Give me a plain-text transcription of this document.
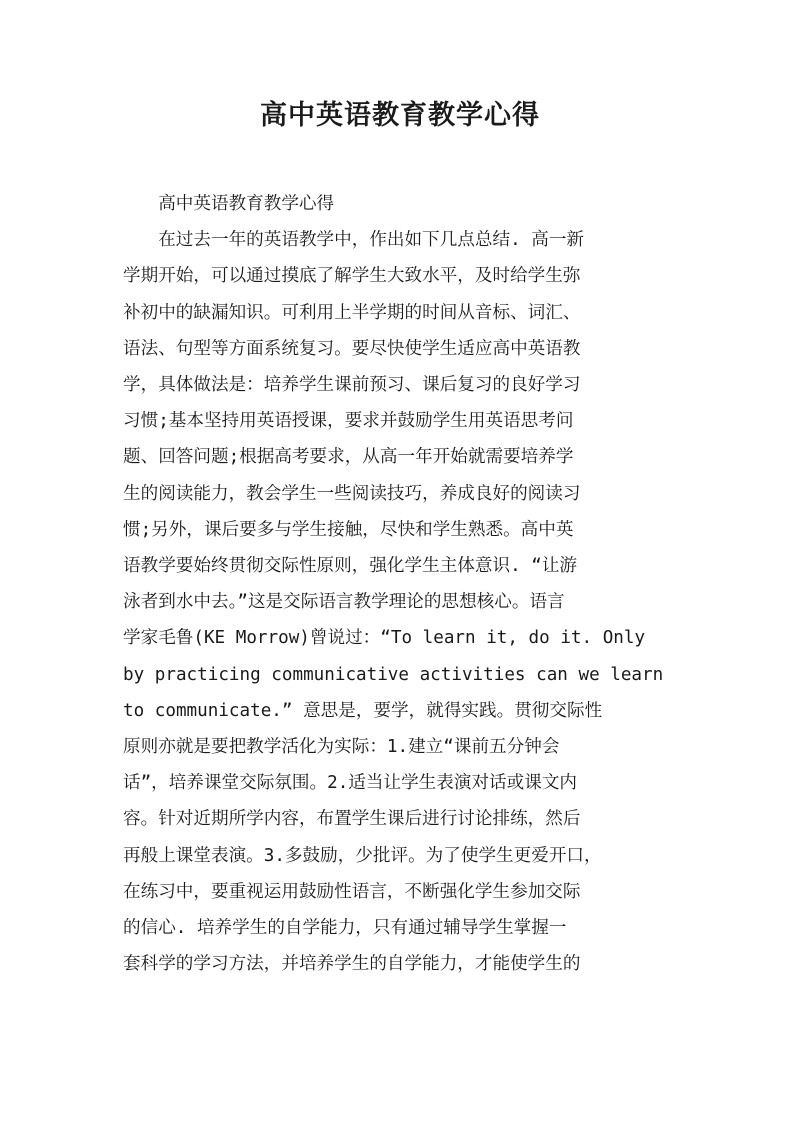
高中英语教育教学心得
　　高中英语教育教学心得
　　在过去一年的英语教学中，作出如下几点总结. 高一新
学期开始，可以通过摸底了解学生大致水平，及时给学生弥
补初中的缺漏知识。可利用上半学期的时间从音标、词汇、
语法、句型等方面系统复习。要尽快使学生适应高中英语教
学，具体做法是：培养学生课前预习、课后复习的良好学习
习惯;基本坚持用英语授课，要求并鼓励学生用英语思考问
题、回答问题;根据高考要求，从高一年开始就需要培养学
生的阅读能力，教会学生一些阅读技巧，养成良好的阅读习
惯;另外，课后要多与学生接触，尽快和学生熟悉。高中英
语教学要始终贯彻交际性原则，强化学生主体意识. “让游
泳者到水中去。”这是交际语言教学理论的思想核心。语言
学家毛鲁(KE Morrow)曾说过：“To learn it, do it. Only
by practicing communicative activities can we learn
to communicate.” 意思是，要学，就得实践。贯彻交际性
原则亦就是要把教学活化为实际：1.建立“课前五分钟会
话”，培养课堂交际氛围。2.适当让学生表演对话或课文内
容。针对近期所学内容，布置学生课后进行讨论排练，然后
再般上课堂表演。3.多鼓励，少批评。为了使学生更爱开口，
在练习中，要重视运用鼓励性语言，不断强化学生参加交际
的信心. 培养学生的自学能力，只有通过辅导学生掌握一
套科学的学习方法，并培养学生的自学能力，才能使学生的
